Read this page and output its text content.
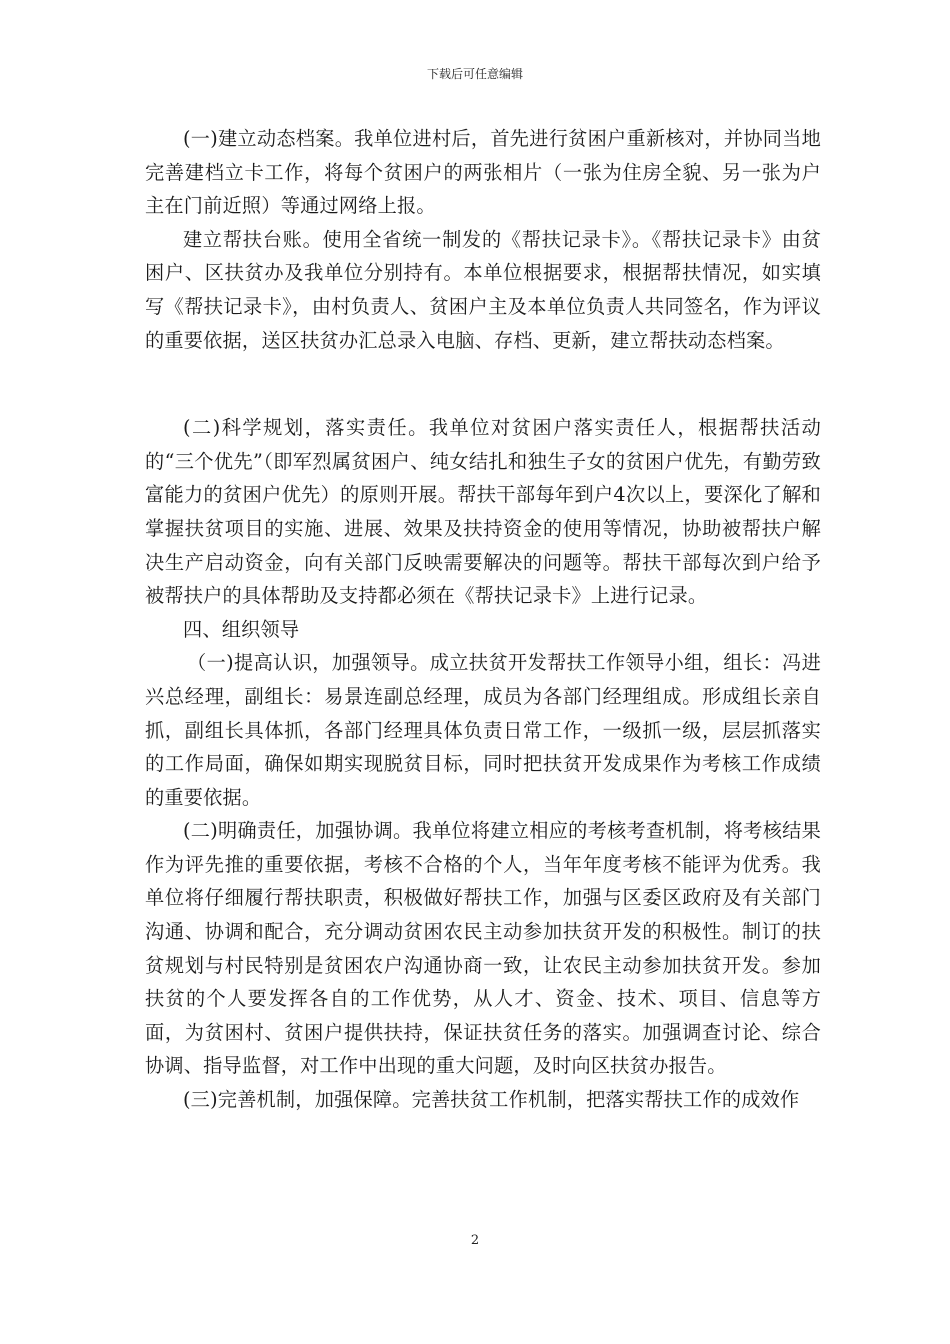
下载后可任意编辑

(一)建立动态档案。我单位进村后，首先进行贫困户重新核对，并协同当地完善建档立卡工作，将每个贫困户的两张相片（一张为住房全貌、另一张为户主在门前近照）等通过网络上报。

建立帮扶台账。使用全省统一制发的《帮扶记录卡》。《帮扶记录卡》由贫困户、区扶贫办及我单位分别持有。本单位根据要求，根据帮扶情况，如实填写《帮扶记录卡》，由村负责人、贫困户主及本单位负责人共同签名，作为评议的重要依据，送区扶贫办汇总录入电脑、存档、更新，建立帮扶动态档案。

(二)科学规划，落实责任。我单位对贫困户落实责任人，根据帮扶活动的“三个优先”（即军烈属贫困户、纯女结扎和独生子女的贫困户优先，有勤劳致富能力的贫困户优先）的原则开展。帮扶干部每年到户4次以上，要深化了解和掌握扶贫项目的实施、进展、效果及扶持资金的使用等情况，协助被帮扶户解决生产启动资金，向有关部门反映需要解决的问题等。帮扶干部每次到户给予被帮扶户的具体帮助及支持都必须在《帮扶记录卡》上进行记录。

四、组织领导

（一)提高认识，加强领导。成立扶贫开发帮扶工作领导小组，组长：冯进兴总经理，副组长：易景连副总经理，成员为各部门经理组成。形成组长亲自抓，副组长具体抓，各部门经理具体负责日常工作，一级抓一级，层层抓落实的工作局面，确保如期实现脱贫目标，同时把扶贫开发成果作为考核工作成绩的重要依据。

(二)明确责任，加强协调。我单位将建立相应的考核考查机制，将考核结果作为评先推的重要依据，考核不合格的个人，当年年度考核不能评为优秀。我单位将仔细履行帮扶职责，积极做好帮扶工作，加强与区委区政府及有关部门沟通、协调和配合，充分调动贫困农民主动参加扶贫开发的积极性。制订的扶贫规划与村民特别是贫困农户沟通协商一致，让农民主动参加扶贫开发。参加扶贫的个人要发挥各自的工作优势，从人才、资金、技术、项目、信息等方面，为贫困村、贫困户提供扶持，保证扶贫任务的落实。加强调查讨论、综合协调、指导监督，对工作中出现的重大问题，及时向区扶贫办报告。

(三)完善机制，加强保障。完善扶贫工作机制，把落实帮扶工作的成效作

2
